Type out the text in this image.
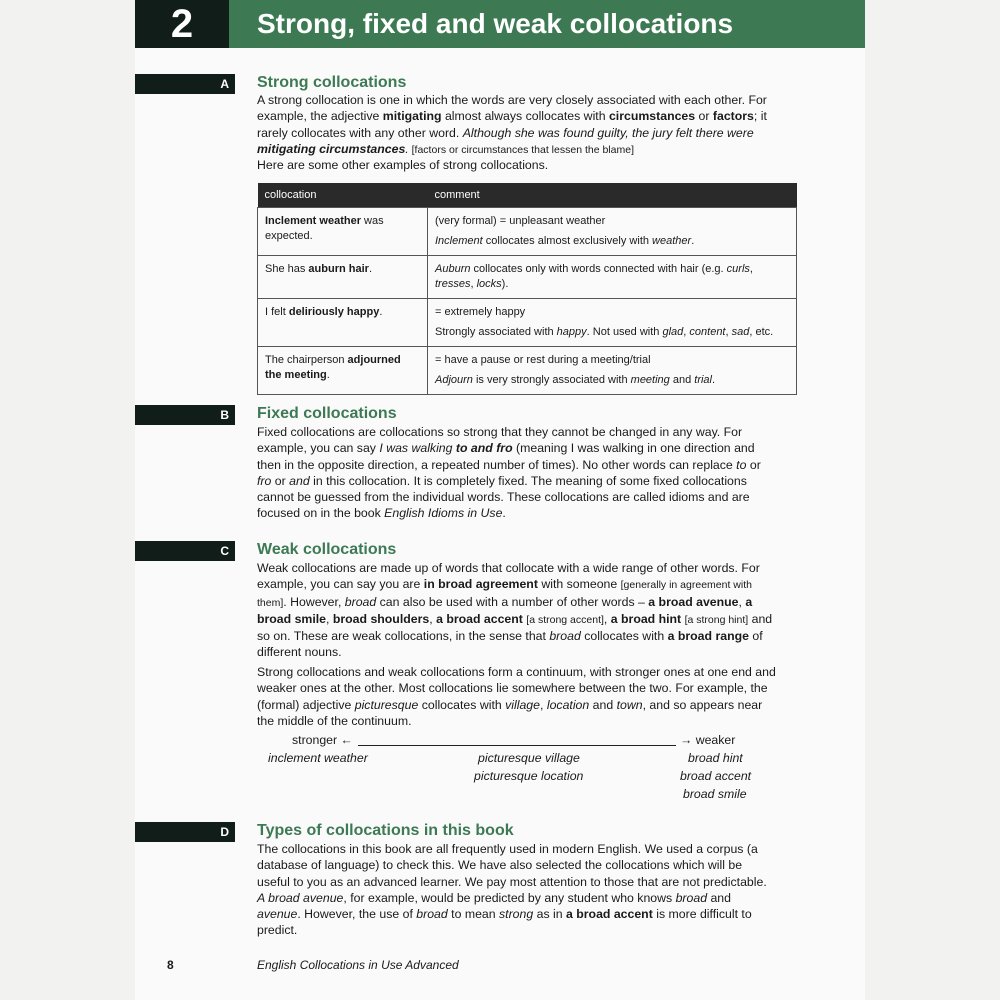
2	Strong, fixed and weak collocations
A	Strong collocations
A strong collocation is one in which the words are very closely associated with each other. For example, the adjective mitigating almost always collocates with circumstances or factors; it rarely collocates with any other word. Although she was found guilty, the jury felt there were mitigating circumstances. [factors or circumstances that lessen the blame]
Here are some other examples of strong collocations.
collocation	comment
Inclement weather was expected.	(very formal) = unpleasant weather
Inclement collocates almost exclusively with weather.

She has auburn hair.	Auburn collocates only with words connected with hair (e.g. curls, tresses, locks).

I felt deliriously happy.	= extremely happy
Strongly associated with happy. Not used with glad, content, sad, etc.

The chairperson adjourned the meeting.	= have a pause or rest during a meeting/trial
Adjourn is very strongly associated with meeting and trial.
B	Fixed collocations
Fixed collocations are collocations so strong that they cannot be changed in any way. For example, you can say I was walking to and fro (meaning I was walking in one direction and then in the opposite direction, a repeated number of times). No other words can replace to or fro or and in this collocation. It is completely fixed. The meaning of some fixed collocations cannot be guessed from the individual words. These collocations are called idioms and are focused on in the book English Idioms in Use.
C	Weak collocations
Weak collocations are made up of words that collocate with a wide range of other words. For example, you can say you are in broad agreement with someone [generally in agreement with them]. However, broad can also be used with a number of other words – a broad avenue, a broad smile, broad shoulders, a broad accent [a strong accent], a broad hint [a strong hint] and so on. These are weak collocations, in the sense that broad collocates with a broad range of different nouns.
Strong collocations and weak collocations form a continuum, with stronger ones at one end and weaker ones at the other. Most collocations lie somewhere between the two. For example, the (formal) adjective picturesque collocates with village, location and town, and so appears near the middle of the continuum.
stronger ←	→ weaker
inclement weather	picturesque village
picturesque location
broad hint
broad accent
broad smile
D	Types of collocations in this book
The collocations in this book are all frequently used in modern English. We used a corpus (a database of language) to check this. We have also selected the collocations which will be useful to you as an advanced learner. We pay most attention to those that are not predictable. A broad avenue, for example, would be predicted by any student who knows broad and avenue. However, the use of broad to mean strong as in a broad accent is more difficult to predict.
8	English Collocations in Use Advanced
